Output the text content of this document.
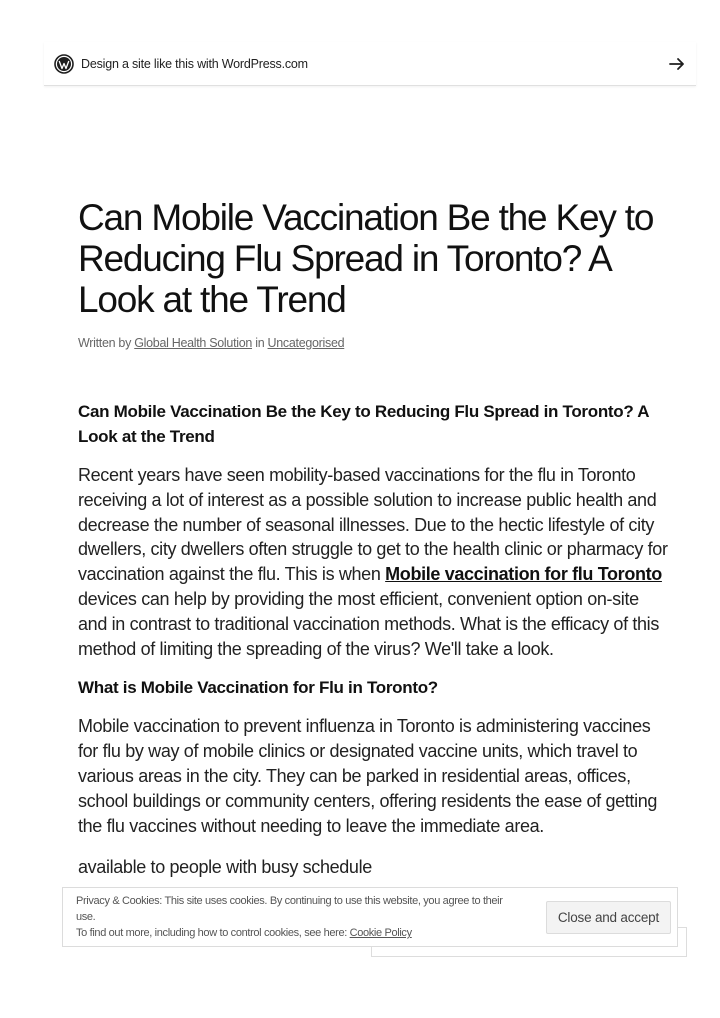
Design a site like this with WordPress.com
Can Mobile Vaccination Be the Key to Reducing Flu Spread in Toronto? A Look at the Trend
Written by Global Health Solution in Uncategorised
Can Mobile Vaccination Be the Key to Reducing Flu Spread in Toronto? A Look at the Trend

Recent years have seen mobility-based vaccinations for the flu in Toronto receiving a lot of interest as a possible solution to increase public health and decrease the number of seasonal illnesses. Due to the hectic lifestyle of city dwellers, city dwellers often struggle to get to the health clinic or pharmacy for vaccination against the flu. This is when Mobile vaccination for flu Toronto devices can help by providing the most efficient, convenient option on-site and in contrast to traditional vaccination methods. What is the efficacy of this method of limiting the spreading of the virus? We'll take a look.

What is Mobile Vaccination for Flu in Toronto?

Mobile vaccination to prevent influenza in Toronto is administering vaccines for flu by way of mobile clinics or designated vaccine units, which travel to various areas in the city. They can be parked in residential areas, offices, school buildings or community centers, offering residents the ease of getting the flu vaccines without needing to leave the immediate area.

available to people with busy schedule

Privacy & Cookies: This site uses cookies. By continuing to use this website, you agree to their use.
To find out more, including how to control cookies, see here: Cookie Policy
Close and accept
